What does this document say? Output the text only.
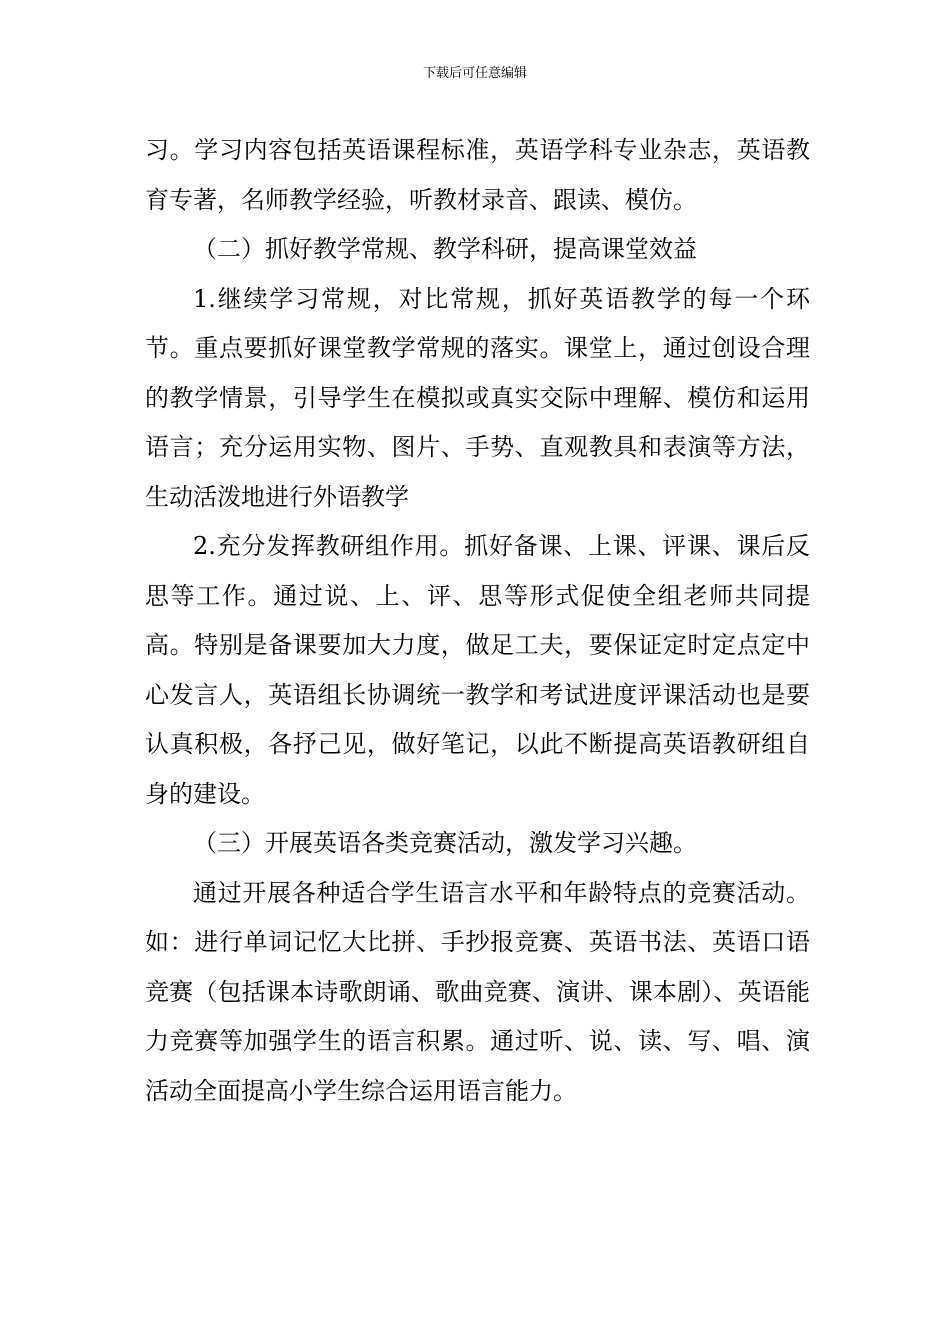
下载后可任意编辑

习。学习内容包括英语课程标准，英语学科专业杂志，英语教育专著，名师教学经验，听教材录音、跟读、模仿。

（二）抓好教学常规、教学科研，提高课堂效益

1.继续学习常规，对比常规，抓好英语教学的每一个环节。重点要抓好课堂教学常规的落实。课堂上，通过创设合理的教学情景，引导学生在模拟或真实交际中理解、模仿和运用语言；充分运用实物、图片、手势、直观教具和表演等方法，生动活泼地进行外语教学

2.充分发挥教研组作用。抓好备课、上课、评课、课后反思等工作。通过说、上、评、思等形式促使全组老师共同提高。特别是备课要加大力度，做足工夫，要保证定时定点定中心发言人，英语组长协调统一教学和考试进度评课活动也是要认真积极，各抒己见，做好笔记，以此不断提高英语教研组自身的建设。

（三）开展英语各类竞赛活动，激发学习兴趣。

通过开展各种适合学生语言水平和年龄特点的竞赛活动。如：进行单词记忆大比拼、手抄报竞赛、英语书法、英语口语竞赛（包括课本诗歌朗诵、歌曲竞赛、演讲、课本剧）、英语能力竞赛等加强学生的语言积累。通过听、说、读、写、唱、演活动全面提高小学生综合运用语言能力。
